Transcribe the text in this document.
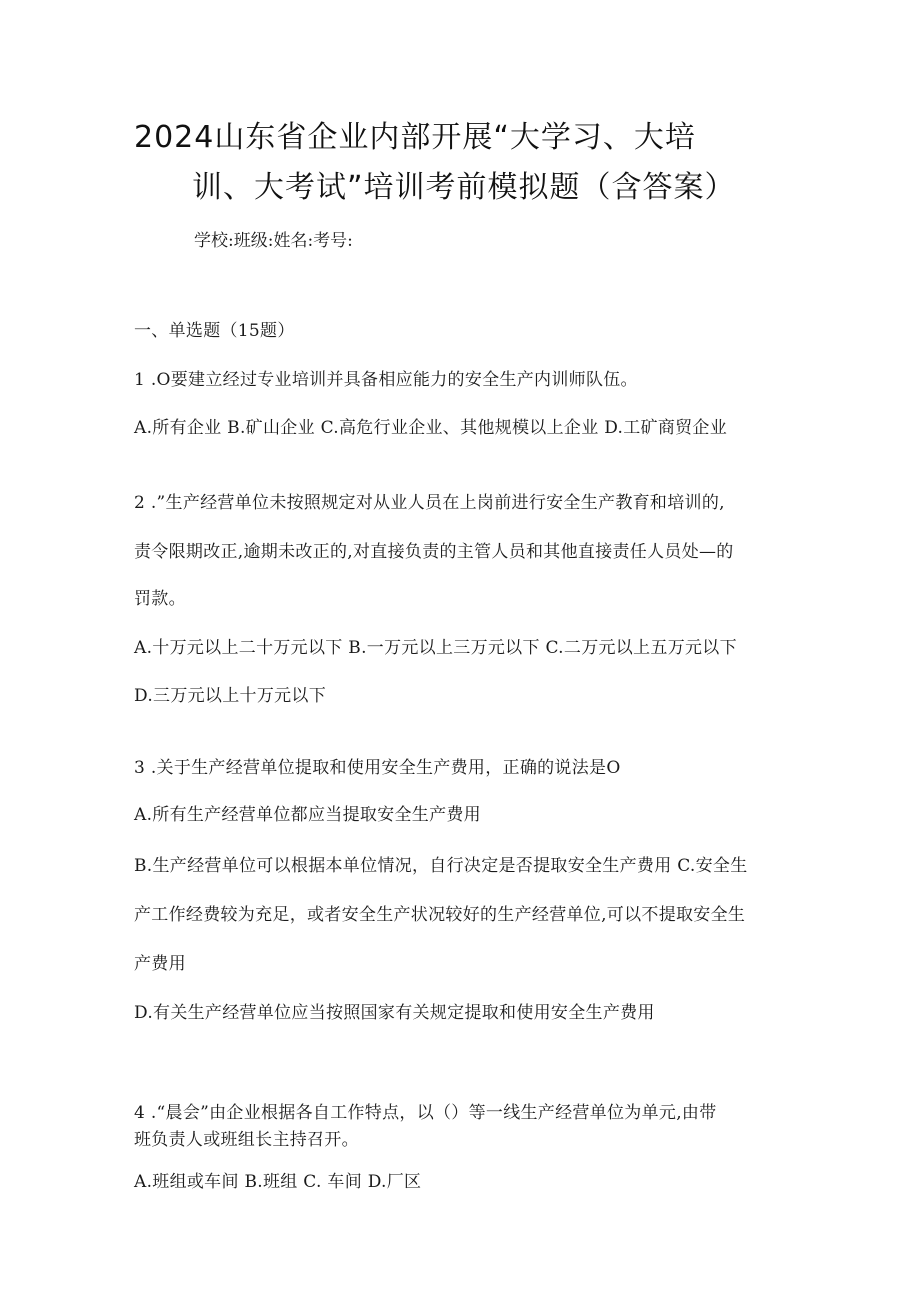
2024山东省企业内部开展“大学习、大培
训、大考试”培训考前模拟题（含答案）
学校:班级:姓名:考号:
一、单选题（15题）
1 .O要建立经过专业培训并具备相应能力的安全生产内训师队伍。
A.所有企业 B.矿山企业 C.高危行业企业、其他规模以上企业 D.工矿商贸企业
2 .”生产经营单位未按照规定对从业人员在上岗前进行安全生产教育和培训的,
责令限期改正,逾期未改正的,对直接负责的主管人员和其他直接责任人员处—的
罚款。
A.十万元以上二十万元以下 B.一万元以上三万元以下 C.二万元以上五万元以下
D.三万元以上十万元以下
3 .关于生产经营单位提取和使用安全生产费用，正确的说法是O
A.所有生产经营单位都应当提取安全生产费用
B.生产经营单位可以根据本单位情况，自行决定是否提取安全生产费用 C.安全生
产工作经费较为充足，或者安全生产状况较好的生产经营单位,可以不提取安全生
产费用
D.有关生产经营单位应当按照国家有关规定提取和使用安全生产费用
4 .“晨会”由企业根据各自工作特点，以（）等一线生产经营单位为单元,由带
班负责人或班组长主持召开。
A.班组或车间 B.班组 C. 车间 D.厂区
